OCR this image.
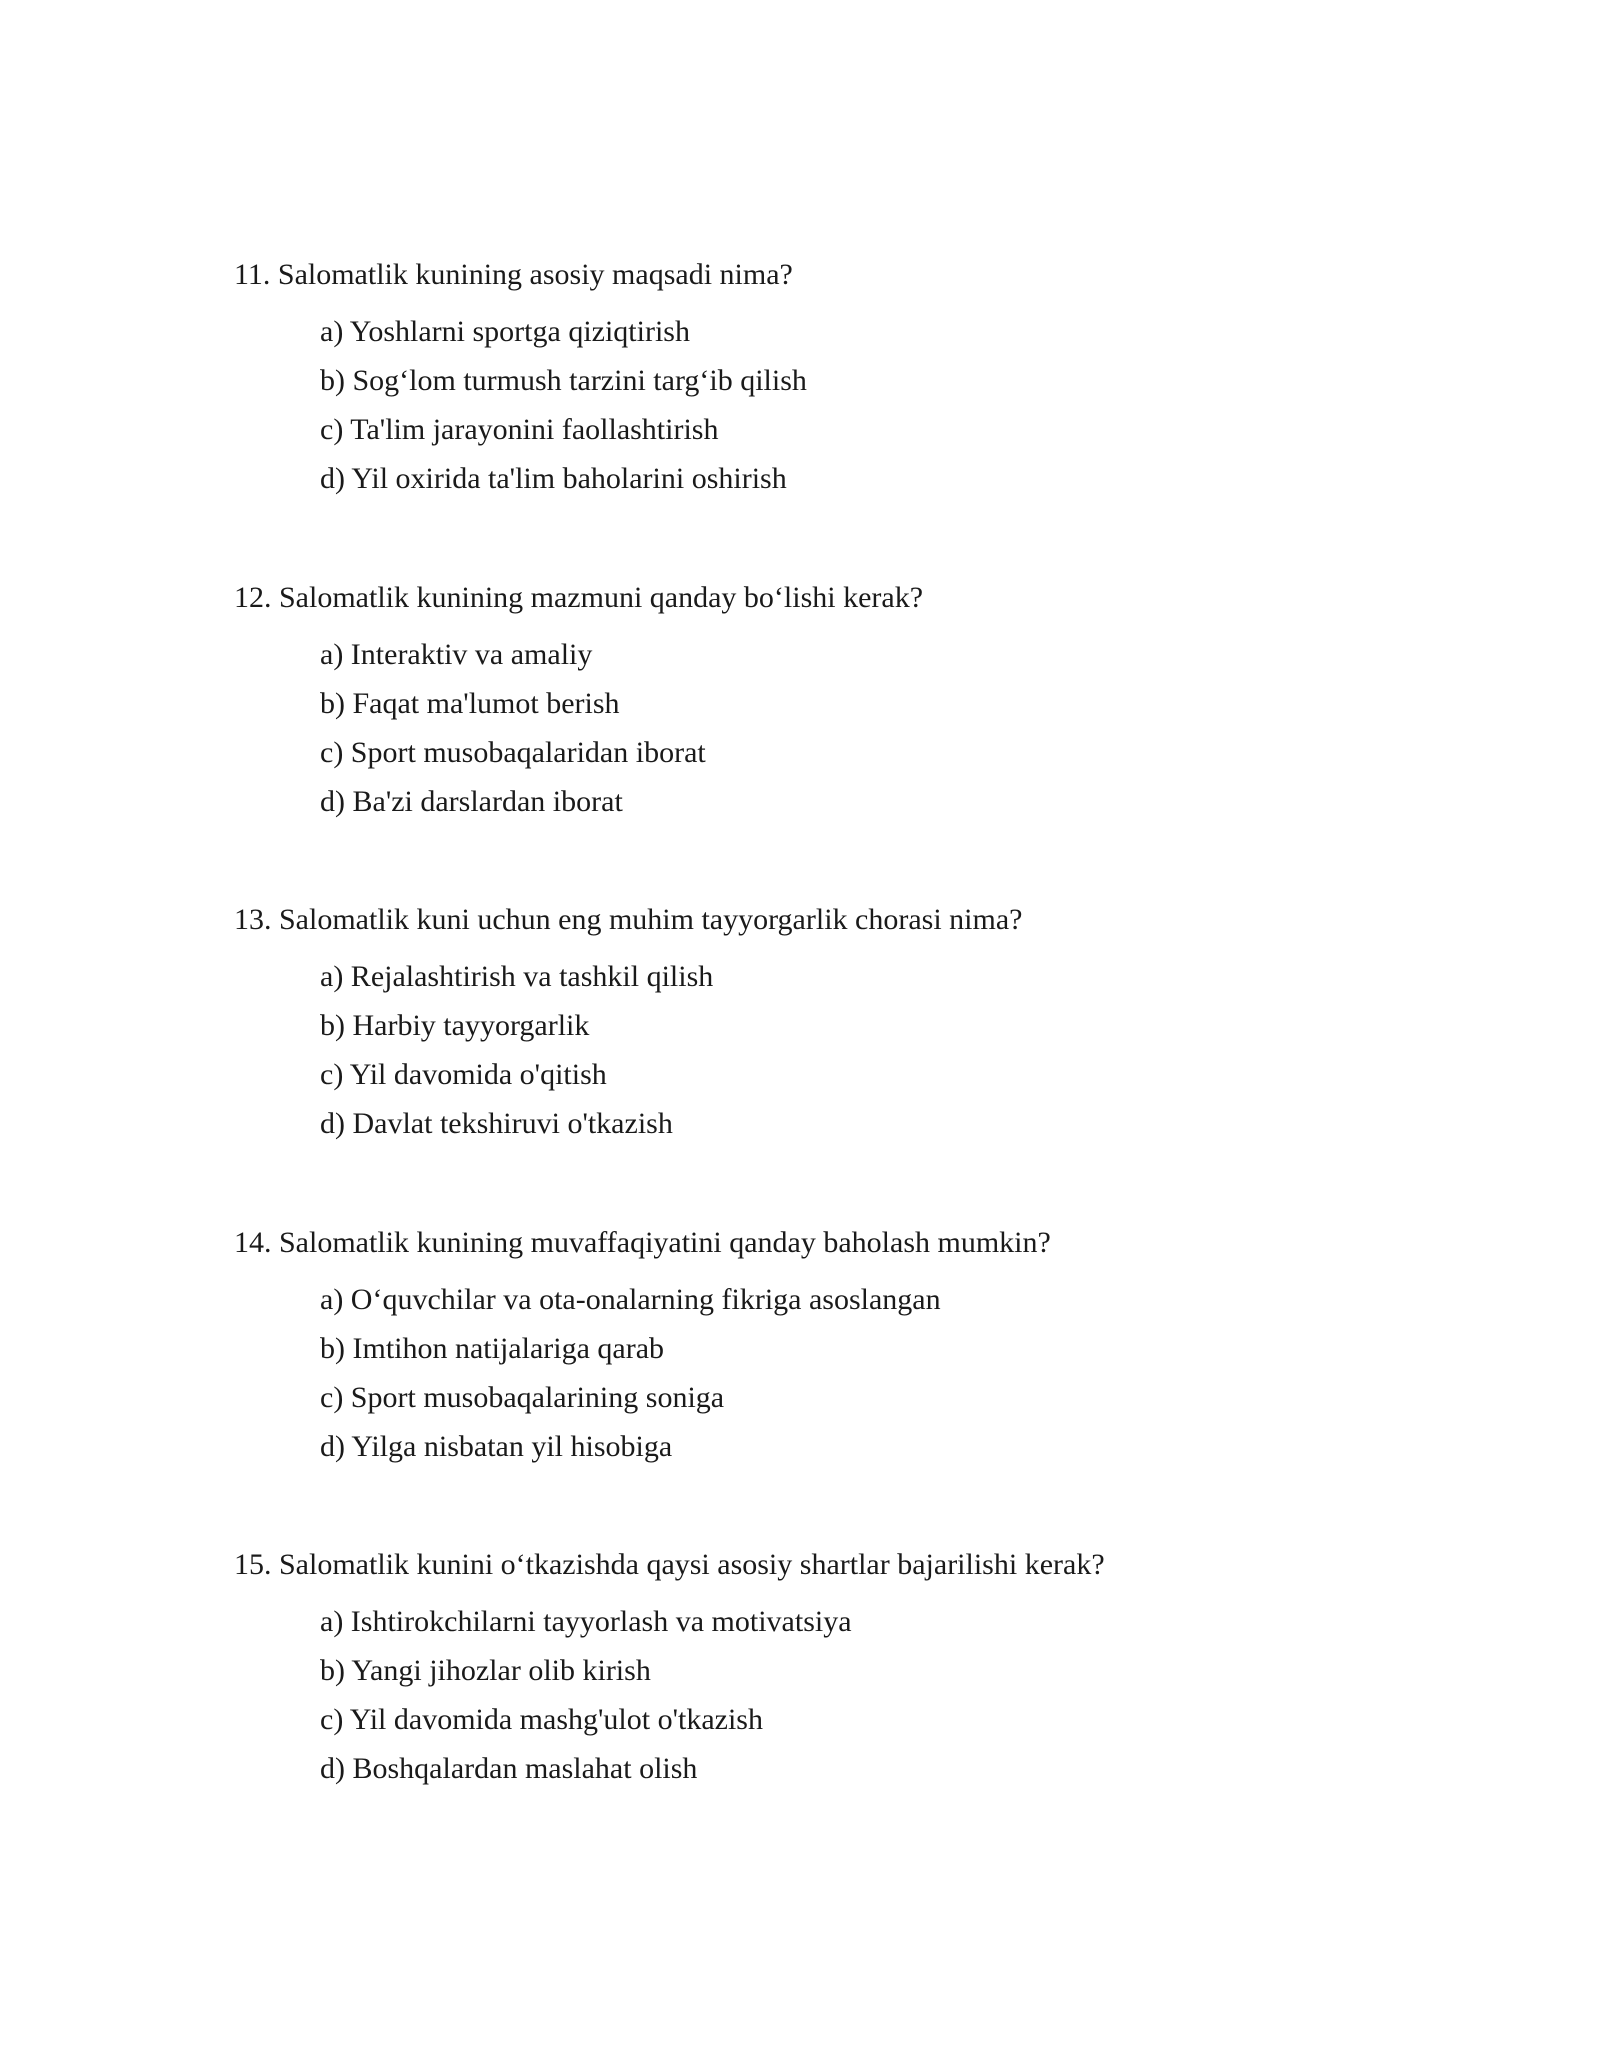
11. Salomatlik kunining asosiy maqsadi nima?

a) Yoshlarni sportga qiziqtirish
b) Sog‘lom turmush tarzini targ‘ib qilish
c) Ta'lim jarayonini faollashtirish
d) Yil oxirida ta'lim baholarini oshirish

12. Salomatlik kunining mazmuni qanday bo‘lishi kerak?

a) Interaktiv va amaliy
b) Faqat ma'lumot berish
c) Sport musobaqalaridan iborat
d) Ba'zi darslardan iborat

13. Salomatlik kuni uchun eng muhim tayyorgarlik chorasi nima?

a) Rejalashtirish va tashkil qilish
b) Harbiy tayyorgarlik
c) Yil davomida o'qitish
d) Davlat tekshiruvi o'tkazish

14. Salomatlik kunining muvaffaqiyatini qanday baholash mumkin?

a) O‘quvchilar va ota-onalarning fikriga asoslangan
b) Imtihon natijalariga qarab
c) Sport musobaqalarining soniga
d) Yilga nisbatan yil hisobiga

15. Salomatlik kunini o‘tkazishda qaysi asosiy shartlar bajarilishi kerak?

a) Ishtirokchilarni tayyorlash va motivatsiya
b) Yangi jihozlar olib kirish
c) Yil davomida mashg'ulot o'tkazish
d) Boshqalardan maslahat olish
